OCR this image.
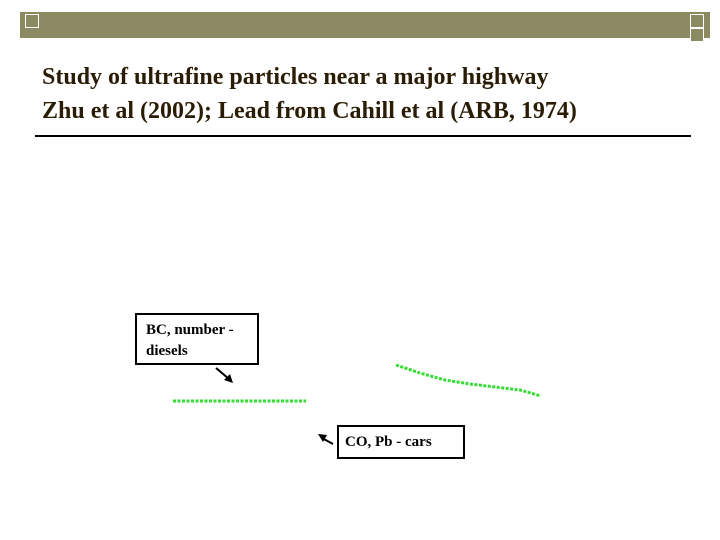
Study of ultrafine particles near a major highway
Zhu et al (2002); Lead from Cahill et al (ARB, 1974)
BC, number - diesels
CO, Pb - cars
